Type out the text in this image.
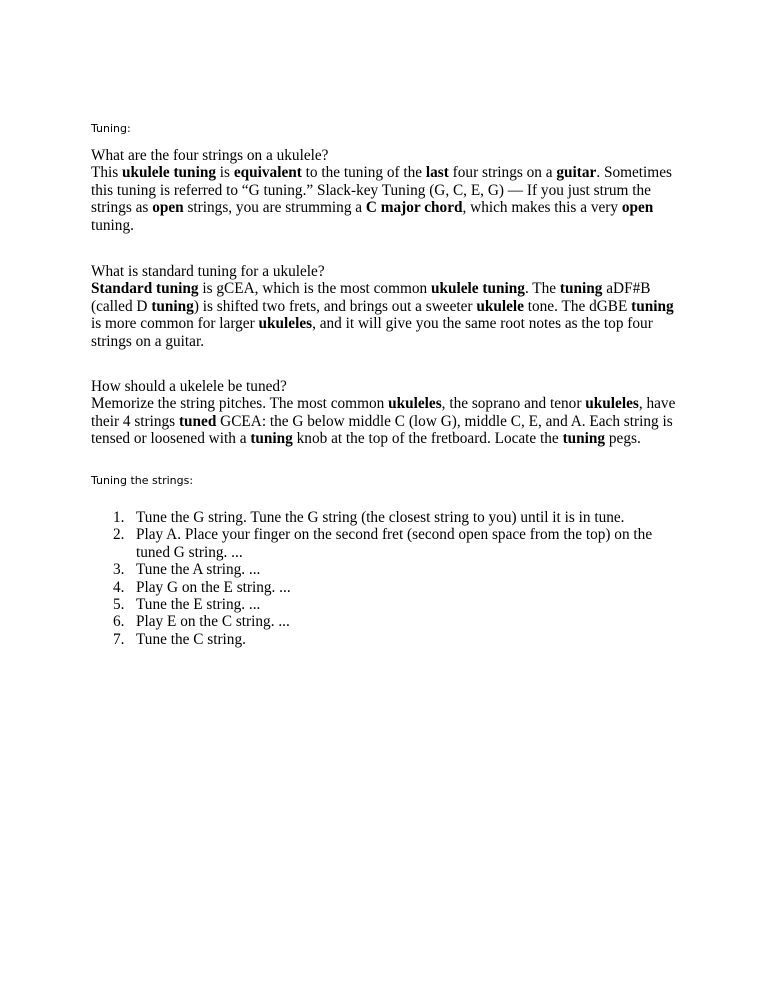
Tuning:
What are the four strings on a ukulele?
This ukulele tuning is equivalent to the tuning of the last four strings on a guitar. Sometimes this tuning is referred to “G tuning.” Slack-key Tuning (G, C, E, G) — If you just strum the strings as open strings, you are strumming a C major chord, which makes this a very open tuning.
What is standard tuning for a ukulele?
Standard tuning is gCEA, which is the most common ukulele tuning. The tuning aDF#B (called D tuning) is shifted two frets, and brings out a sweeter ukulele tone. The dGBE tuning is more common for larger ukuleles, and it will give you the same root notes as the top four strings on a guitar.
How should a ukelele be tuned?
Memorize the string pitches. The most common ukuleles, the soprano and tenor ukuleles, have their 4 strings tuned GCEA: the G below middle C (low G), middle C, E, and A. Each string is tensed or loosened with a tuning knob at the top of the fretboard. Locate the tuning pegs.
Tuning the strings:
1. Tune the G string. Tune the G string (the closest string to you) until it is in tune.
2. Play A. Place your finger on the second fret (second open space from the top) on the tuned G string. ...
3. Tune the A string. ...
4. Play G on the E string. ...
5. Tune the E string. ...
6. Play E on the C string. ...
7. Tune the C string.
